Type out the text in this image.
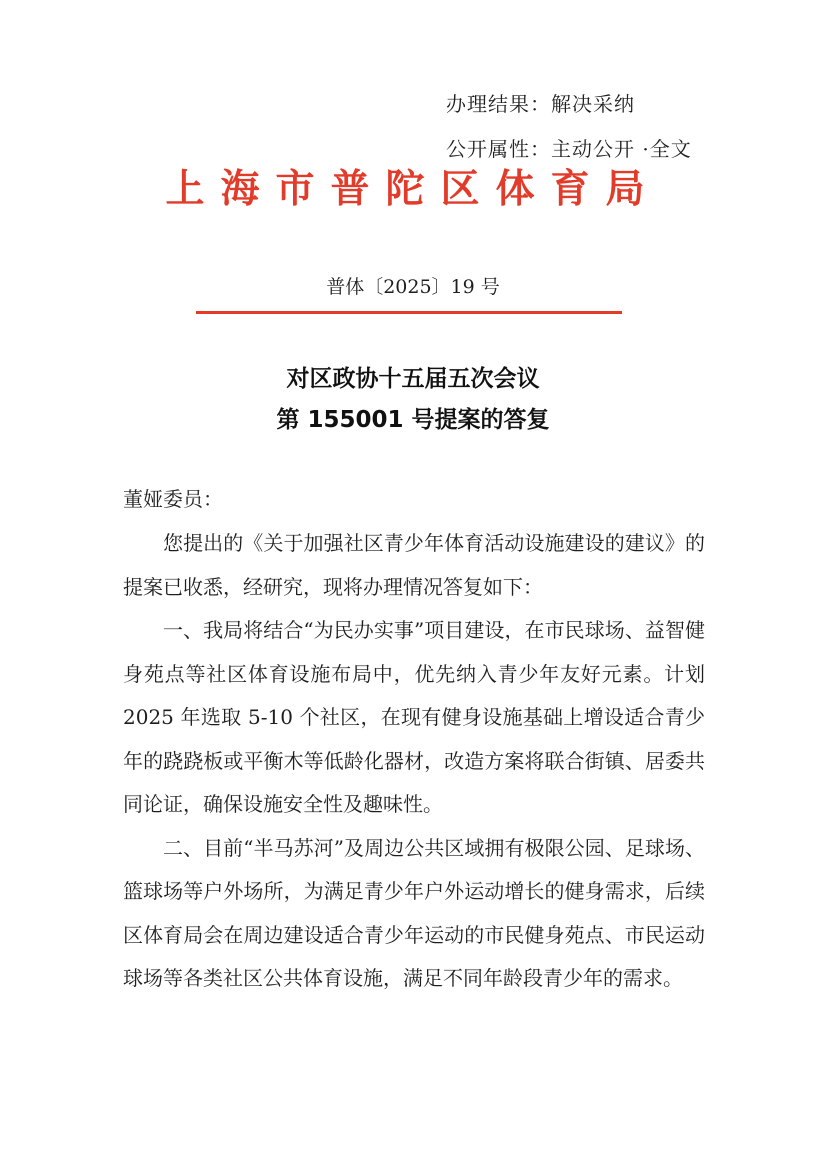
办理结果：解决采纳
公开属性：主动公开 ·全文
上海市普陀区体育局
普体〔2025〕19 号
对区政协十五届五次会议
第 155001 号提案的答复
董娅委员：

您提出的《关于加强社区青少年体育活动设施建设的建议》的提案已收悉，经研究，现将办理情况答复如下：

一、我局将结合“为民办实事”项目建设，在市民球场、益智健身苑点等社区体育设施布局中，优先纳入青少年友好元素。计划 2025 年选取 5-10 个社区，在现有健身设施基础上增设适合青少年的跷跷板或平衡木等低龄化器材，改造方案将联合街镇、居委共同论证，确保设施安全性及趣味性。

二、目前“半马苏河”及周边公共区域拥有极限公园、足球场、篮球场等户外场所，为满足青少年户外运动增长的健身需求，后续区体育局会在周边建设适合青少年运动的市民健身苑点、市民运动球场等各类社区公共体育设施，满足不同年龄段青少年的需求。
